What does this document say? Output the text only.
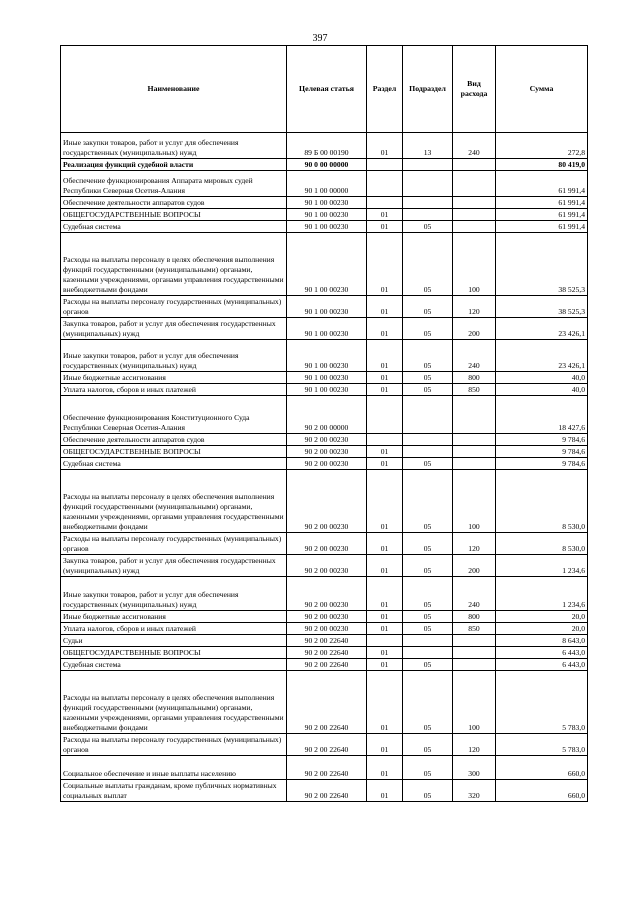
397
Наименование	Целевая статья	Раздел	Подраздел	Вид расхода	Сумма
Иные закупки товаров, работ и услуг для обеспечения государственных (муниципальных) нужд	89 Б 00 00190	01	13	240	272,8
Реализация функций судебной власти	90 0 00 00000				80 419,0
Обеспечение функционирования Аппарата мировых судей Республики Северная Осетия-Алания	90 1 00 00000				61 991,4
Обеспечение деятельности аппаратов судов	90 1 00 00230				61 991,4
ОБЩЕГОСУДАРСТВЕННЫЕ ВОПРОСЫ	90 1 00 00230	01			61 991,4
Судебная система	90 1 00 00230	01	05		61 991,4
Расходы на выплаты персоналу в целях обеспечения выполнения функций государственными (муниципальными) органами, казенными учреждениями, органами управления государственными внебюджетными фондами	90 1 00 00230	01	05	100	38 525,3
Расходы на выплаты персоналу государственных (муниципальных) органов	90 1 00 00230	01	05	120	38 525,3
Закупка товаров, работ и услуг для обеспечения государственных (муниципальных) нужд	90 1 00 00230	01	05	200	23 426,1
Иные закупки товаров, работ и услуг для обеспечения государственных (муниципальных) нужд	90 1 00 00230	01	05	240	23 426,1
Иные бюджетные ассигнования	90 1 00 00230	01	05	800	40,0
Уплата налогов, сборов и иных платежей	90 1 00 00230	01	05	850	40,0
Обеспечение функционирования Конституционного Суда Республики Северная Осетия-Алания	90 2 00 00000				18 427,6
Обеспечение деятельности аппаратов судов	90 2 00 00230				9 784,6
ОБЩЕГОСУДАРСТВЕННЫЕ ВОПРОСЫ	90 2 00 00230	01			9 784,6
Судебная система	90 2 00 00230	01	05		9 784,6
Расходы на выплаты персоналу в целях обеспечения выполнения функций государственными (муниципальными) органами, казенными учреждениями, органами управления государственными внебюджетными фондами	90 2 00 00230	01	05	100	8 530,0
Расходы на выплаты персоналу государственных (муниципальных) органов	90 2 00 00230	01	05	120	8 530,0
Закупка товаров, работ и услуг для обеспечения государственных (муниципальных) нужд	90 2 00 00230	01	05	200	1 234,6
Иные закупки товаров, работ и услуг для обеспечения государственных (муниципальных) нужд	90 2 00 00230	01	05	240	1 234,6
Иные бюджетные ассигнования	90 2 00 00230	01	05	800	20,0
Уплата налогов, сборов и иных платежей	90 2 00 00230	01	05	850	20,0
Судьи	90 2 00 22640				8 643,0
ОБЩЕГОСУДАРСТВЕННЫЕ ВОПРОСЫ	90 2 00 22640	01			6 443,0
Судебная система	90 2 00 22640	01	05		6 443,0
Расходы на выплаты персоналу в целях обеспечения выполнения функций государственными (муниципальными) органами, казенными учреждениями, органами управления государственными внебюджетными фондами	90 2 00 22640	01	05	100	5 783,0
Расходы на выплаты персоналу государственных (муниципальных) органов	90 2 00 22640	01	05	120	5 783,0
Социальное обеспечение и иные выплаты населению	90 2 00 22640	01	05	300	660,0
Социальные выплаты гражданам, кроме публичных нормативных социальных выплат	90 2 00 22640	01	05	320	660,0
